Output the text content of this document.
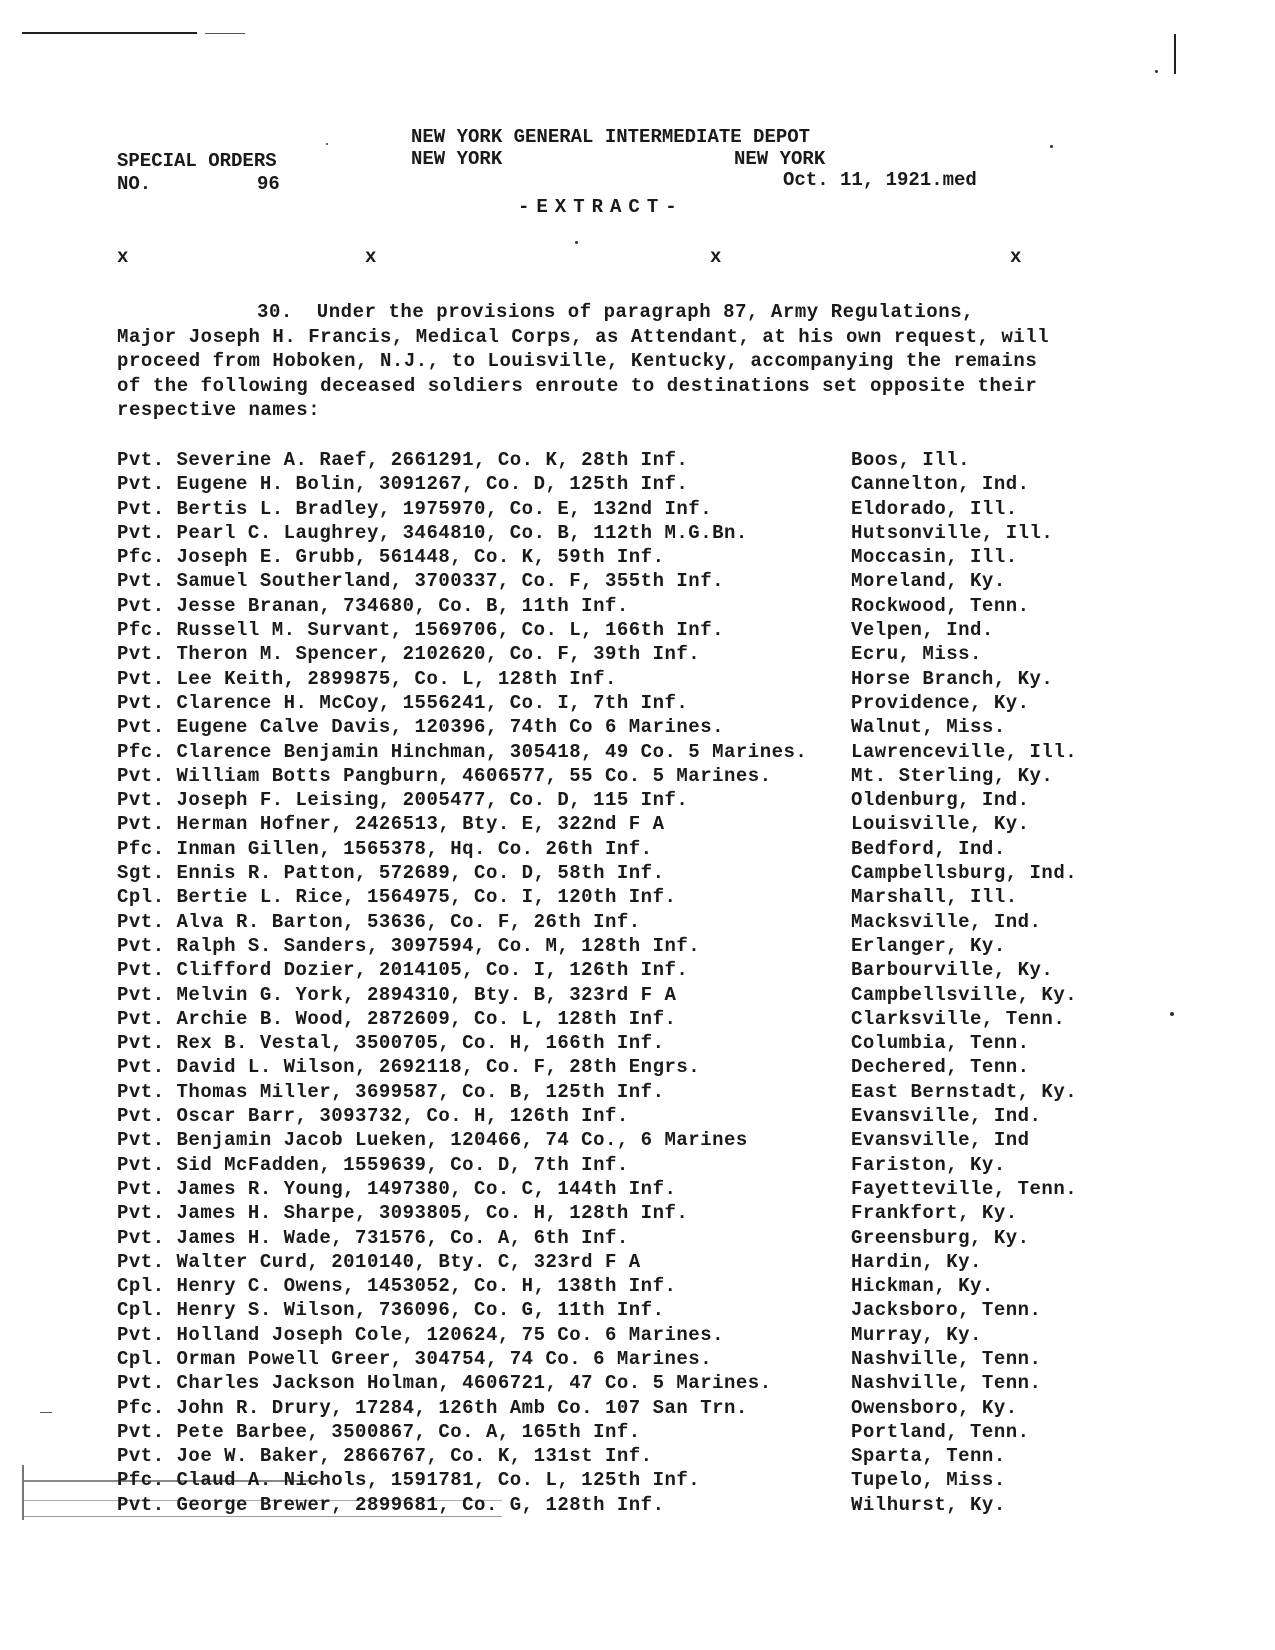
NEW YORK GENERAL INTERMEDIATE DEPOT
SPECIAL ORDERS	NEW YORK	NEW YORK
NO.	96	Oct. 11, 1921.med
-EXTRACT-
x	x	x	x
30. Under the provisions of paragraph 87, Army Regulations,
Major Joseph H. Francis, Medical Corps, as Attendant, at his own request, will
proceed from Hoboken, N.J., to Louisville, Kentucky, accompanying the remains
of the following deceased soldiers enroute to destinations set opposite their
respective names:
Pvt. Severine A. Raef, 2661291, Co. K, 28th Inf.	Boos, Ill.
Pvt. Eugene H. Bolin, 3091267, Co. D, 125th Inf.	Cannelton, Ind.
Pvt. Bertis L. Bradley, 1975970, Co. E, 132nd Inf.	Eldorado, Ill.
Pvt. Pearl C. Laughrey, 3464810, Co. B, 112th M.G.Bn.	Hutsonville, Ill.
Pfc. Joseph E. Grubb, 561448, Co. K, 59th Inf.	Moccasin, Ill.
Pvt. Samuel Southerland, 3700337, Co. F, 355th Inf.	Moreland, Ky.
Pvt. Jesse Branan, 734680, Co. B, 11th Inf.	Rockwood, Tenn.
Pfc. Russell M. Survant, 1569706, Co. L, 166th Inf.	Velpen, Ind.
Pvt. Theron M. Spencer, 2102620, Co. F, 39th Inf.	Ecru, Miss.
Pvt. Lee Keith, 2899875, Co. L, 128th Inf.	Horse Branch, Ky.
Pvt. Clarence H. McCoy, 1556241, Co. I, 7th Inf.	Providence, Ky.
Pvt. Eugene Calve Davis, 120396, 74th Co 6 Marines.	Walnut, Miss.
Pfc. Clarence Benjamin Hinchman, 305418, 49 Co. 5 Marines. Lawrenceville, Ill.
Pvt. William Botts Pangburn, 4606577, 55 Co. 5 Marines.	Mt. Sterling, Ky.
Pvt. Joseph F. Leising, 2005477, Co. D, 115 Inf.	Oldenburg, Ind.
Pvt. Herman Hofner, 2426513, Bty. E, 322nd F A	Louisville, Ky.
Pfc. Inman Gillen, 1565378, Hq. Co. 26th Inf.	Bedford, Ind.
Sgt. Ennis R. Patton, 572689, Co. D, 58th Inf.	Campbellsburg, Ind.
Cpl. Bertie L. Rice, 1564975, Co. I, 120th Inf.	Marshall, Ill.
Pvt. Alva R. Barton, 53636, Co. F, 26th Inf.	Macksville, Ind.
Pvt. Ralph S. Sanders, 3097594, Co. M, 128th Inf.	Erlanger, Ky.
Pvt. Clifford Dozier, 2014105, Co. I, 126th Inf.	Barbourville, Ky.
Pvt. Melvin G. York, 2894310, Bty. B, 323rd F A	Campbellsville, Ky.
Pvt. Archie B. Wood, 2872609, Co. L, 128th Inf.	Clarksville, Tenn.
Pvt. Rex B. Vestal, 3500705, Co. H, 166th Inf.	Columbia, Tenn.
Pvt. David L. Wilson, 2692118, Co. F, 28th Engrs.	Dechered, Tenn.
Pvt. Thomas Miller, 3699587, Co. B, 125th Inf.	East Bernstadt, Ky.
Pvt. Oscar Barr, 3093732, Co. H, 126th Inf.	Evansville, Ind.
Pvt. Benjamin Jacob Lueken, 120466, 74 Co., 6 Marines	Evansville, Ind
Pvt. Sid McFadden, 1559639, Co. D, 7th Inf.	Fariston, Ky.
Pvt. James R. Young, 1497380, Co. C, 144th Inf.	Fayetteville, Tenn.
Pvt. James H. Sharpe, 3093805, Co. H, 128th Inf.	Frankfort, Ky.
Pvt. James H. Wade, 731576, Co. A, 6th Inf.	Greensburg, Ky.
Pvt. Walter Curd, 2010140, Bty. C, 323rd F A	Hardin, Ky.
Cpl. Henry C. Owens, 1453052, Co. H, 138th Inf.	Hickman, Ky.
Cpl. Henry S. Wilson, 736096, Co. G, 11th Inf.	Jacksboro, Tenn.
Pvt. Holland Joseph Cole, 120624, 75 Co. 6 Marines.	Murray, Ky.
Cpl. Orman Powell Greer, 304754, 74 Co. 6 Marines.	Nashville, Tenn.
Pvt. Charles Jackson Holman, 4606721, 47 Co. 5 Marines.	Nashville, Tenn.
Pfc. John R. Drury, 17284, 126th Amb Co. 107 San Trn.	Owensboro, Ky.
Pvt. Pete Barbee, 3500867, Co. A, 165th Inf.	Portland, Tenn.
Pvt. Joe W. Baker, 2866767, Co. K, 131st Inf.	Sparta, Tenn.
Pfc. Claud A. Nichols, 1591781, Co. L, 125th Inf.	Tupelo, Miss.
Pvt. George Brewer, 2899681, Co. G, 128th Inf.	Wilhurst, Ky.
